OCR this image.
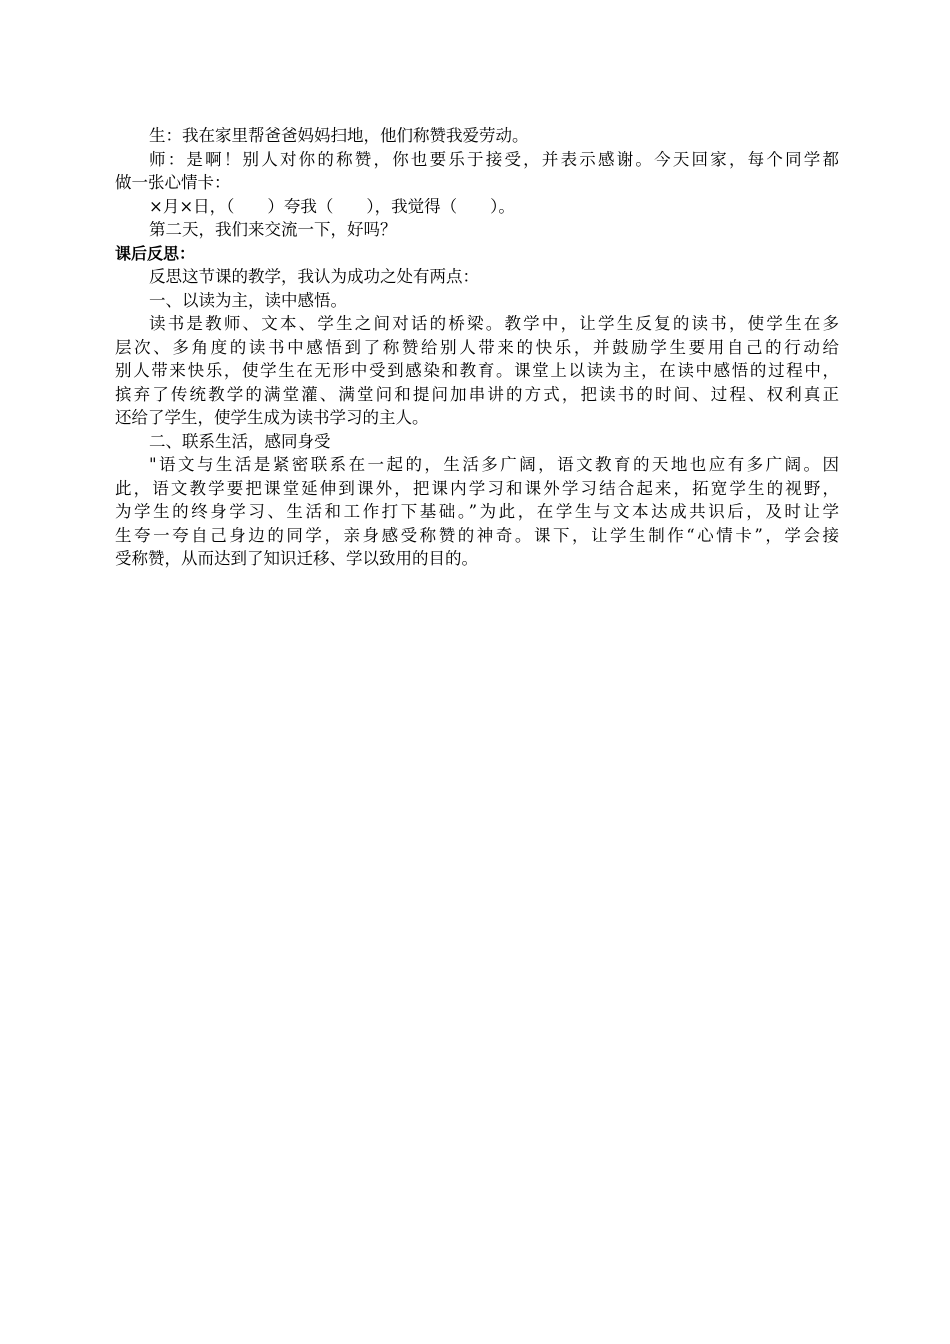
生：我在家里帮爸爸妈妈扫地，他们称赞我爱劳动。

师：是啊！别人对你的称赞，你也要乐于接受，并表示感谢。今天回家，每个同学都

做一张心情卡：

×月×日，（　　）夸我（　　），我觉得（　　）。

第二天，我们来交流一下，好吗？

课后反思：

反思这节课的教学，我认为成功之处有两点：

一、以读为主，读中感悟。

读书是教师、文本、学生之间对话的桥梁。教学中，让学生反复的读书，使学生在多

层次、多角度的读书中感悟到了称赞给别人带来的快乐，并鼓励学生要用自己的行动给

别人带来快乐，使学生在无形中受到感染和教育。课堂上以读为主，在读中感悟的过程中，

摈弃了传统教学的满堂灌、满堂问和提问加串讲的方式，把读书的时间、过程、权利真正

还给了学生，使学生成为读书学习的主人。

二、联系生活，感同身受

"语文与生活是紧密联系在一起的，生活多广阔，语文教育的天地也应有多广阔。因

此，语文教学要把课堂延伸到课外，把课内学习和课外学习结合起来，拓宽学生的视野，

为学生的终身学习、生活和工作打下基础。”为此，在学生与文本达成共识后，及时让学

生夸一夸自己身边的同学，亲身感受称赞的神奇。课下，让学生制作“心情卡”，学会接

受称赞，从而达到了知识迁移、学以致用的目的。
